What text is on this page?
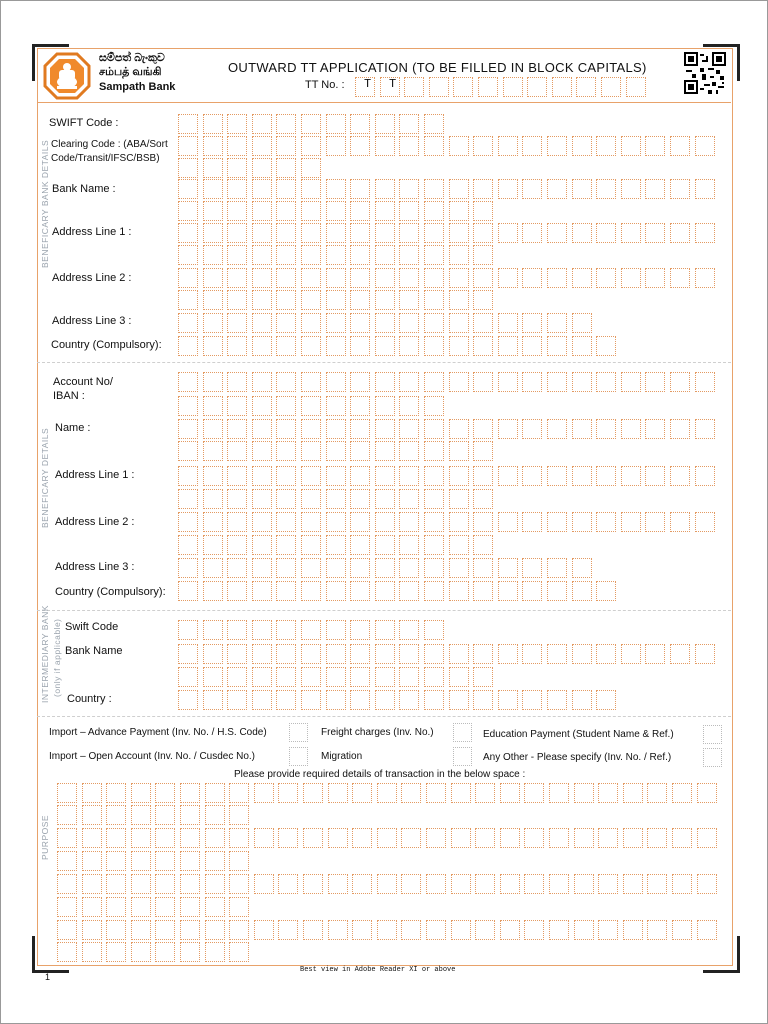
සම්පත් බැංකුව
சம்பத் வங்கி
Sampath Bank
OUTWARD TT APPLICATION (TO BE FILLED IN BLOCK CAPITALS)
TT No. :
BENEFICARY BANK DETAILS
BENEFICARY DETAILS
INTERMEDIARY BANK (only if applicable)
PURPOSE
SWIFT Code :
Clearing Code : (ABA/Sort
Code/Transit/IFSC/BSB)
Bank Name :
Address Line 1 :
Address Line 2 :
Address Line 3 :
Country (Compulsory):
Account No/
IBAN :
Name :
Address Line 1 :
Address Line 2 :
Address Line 3 :
Country (Compulsory):
Swift Code
Bank Name
Country :
Import – Advance Payment (Inv. No. / H.S. Code)
Import – Open Account (Inv. No. / Cusdec No.)
Freight charges (Inv. No.)
Migration
Education Payment (Student Name & Ref.)
Any Other - Please specify (Inv. No. / Ref.)
Please provide required details of transaction in the below space :
T T
Best view in Adobe Reader XI or above
1
